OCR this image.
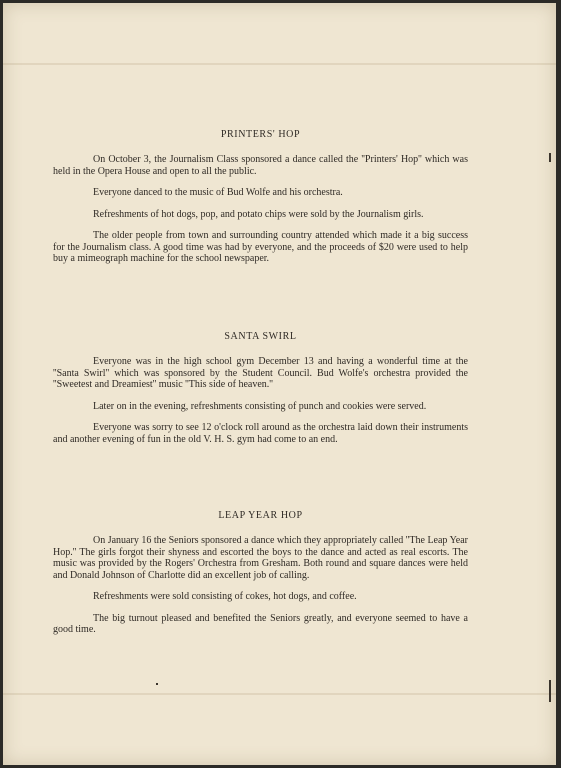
PRINTERS' HOP

On October 3, the Journalism Class sponsored a dance called the ''Printers' Hop'' which was held in the Opera House and open to all the public.

Everyone danced to the music of Bud Wolfe and his orchestra.

Refreshments of hot dogs, pop, and potato chips were sold by the Journalism girls.

The older people from town and surrounding country attended which made it a big success for the Journalism class. A good time was had by everyone, and the proceeds of $20 were used to help buy a mimeograph machine for the school newspaper.

SANTA SWIRL

Everyone was in the high school gym December 13 and having a wonderful time at the ''Santa Swirl'' which was sponsored by the Student Council. Bud Wolfe's orchestra provided the ''Sweetest and Dreamiest'' music ''This side of heaven.''

Later on in the evening, refreshments consisting of punch and cookies were served.

Everyone was sorry to see 12 o'clock roll around as the orchestra laid down their instruments and another evening of fun in the old V. H. S. gym had come to an end.

LEAP YEAR HOP

On January 16 the Seniors sponsored a dance which they appropriately called ''The Leap Year Hop.'' The girls forgot their shyness and escorted the boys to the dance and acted as real escorts. The music was provided by the Rogers' Orchestra from Gresham. Both round and square dances were held and Donald Johnson of Charlotte did an excellent job of calling.

Refreshments were sold consisting of cokes, hot dogs, and coffee.

The big turnout pleased and benefited the Seniors greatly, and everyone seemed to have a good time.
